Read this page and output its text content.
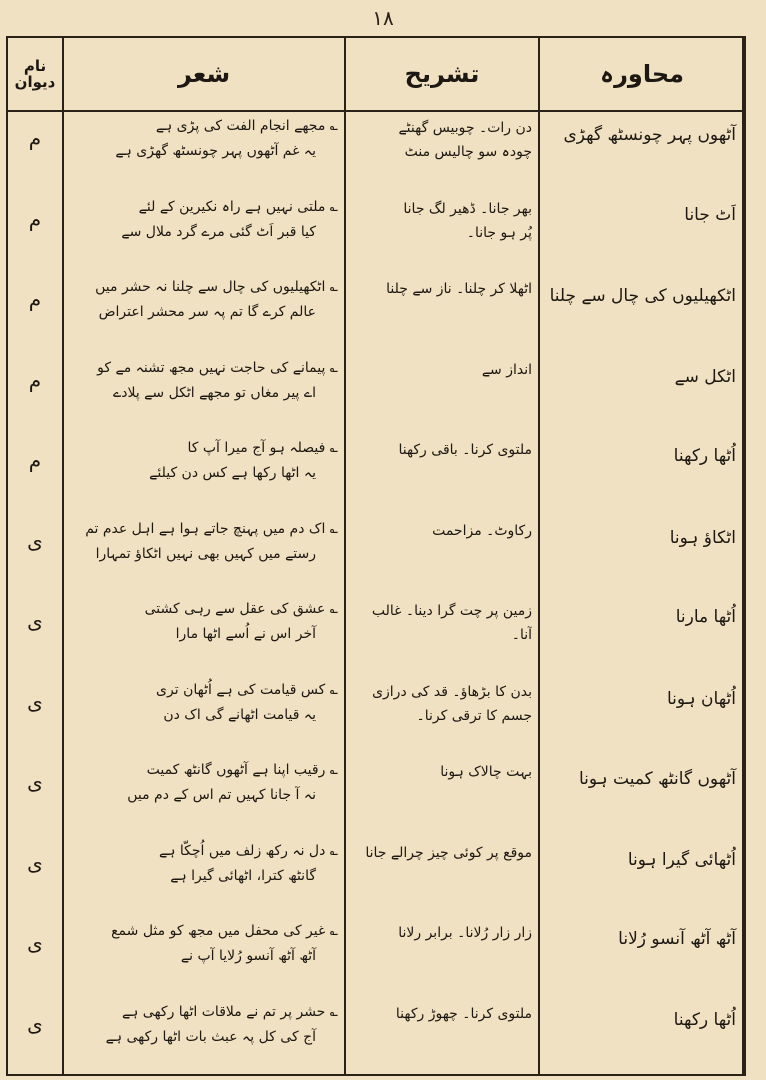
۱۸
محاورہ
تشریح
شعر
نام دیوان
آٹھوں پہر چونسٹھ گھڑی
دن رات۔ چوبیس گھنٹے
چودہ سو چالیس منٹ
؎ مجھے انجام الفت کی پڑی ہے
یہ غم آٹھوں پہر چونسٹھ گھڑی ہے
م
اَٹ جانا
بھر جانا۔ ڈھیر لگ جانا
پُر ہو جانا۔
؎ ملتی نہیں ہے راہ نکیرین کے لئے
کیا قبر اَٹ گئی مرے گرد ملال سے
م
اٹکھیلیوں کی چال سے چلنا
اٹھلا کر چلنا۔ ناز سے چلنا
؎ اٹکھیلیوں کی چال سے چلنا نہ حشر میں
عالم کرے گا تم پہ سر محشر اعتراض
م
اٹکل سے
انداز سے
؎ پیمانے کی حاجت نہیں مجھ تشنہ مے کو
اے پیر مغاں تو مجھے اٹکل سے پلادے
م
اُٹھا رکھنا
ملتوی کرنا۔ باقی رکھنا
؎ فیصلہ ہو آج میرا آپ کا
یہ اٹھا رکھا ہے کس دن کیلئے
م
اٹکاؤ ہونا
رکاوٹ۔ مزاحمت
؎ اک دم میں پہنچ جاتے ہوا ہے اہل عدم تم
رستے میں کہیں بھی نہیں اٹکاؤ تمہارا
ی
اُٹھا مارنا
زمین پر چت گرا دینا۔ غالب
آنا۔
؎ عشق کی عقل سے رہی کشتی
آخر اس نے اُسے اٹھا مارا
ی
اُٹھان ہونا
بدن کا بڑھاؤ۔ قد کی درازی
جسم کا ترقی کرنا۔
؎ کس قیامت کی ہے اُٹھان تری
یہ قیامت اٹھانے گی اک دن
ی
آٹھوں گانٹھ کمیت ہونا
بہت چالاک ہونا
؎ رقیب اپنا ہے آٹھوں گانٹھ کمیت
نہ آ جانا کہیں تم اس کے دم میں
ی
اُٹھائی گیرا ہونا
موقع پر کوئی چیز چرالے جانا
؎ دل نہ رکھ زلف میں اُچکّا ہے
گانٹھ کترا، اٹھائی گیرا ہے
ی
آٹھ آٹھ آنسو رُلانا
زار زار رُلانا۔ برابر رلانا
؎ غیر کی محفل میں مجھ کو مثل شمع
آٹھ آٹھ آنسو رُلایا آپ نے
ی
اُٹھا رکھنا
ملتوی کرنا۔ چھوڑ رکھنا
؎ حشر پر تم نے ملاقات اٹھا رکھی ہے
آج کی کل پہ عبث بات اٹھا رکھی ہے
ی
